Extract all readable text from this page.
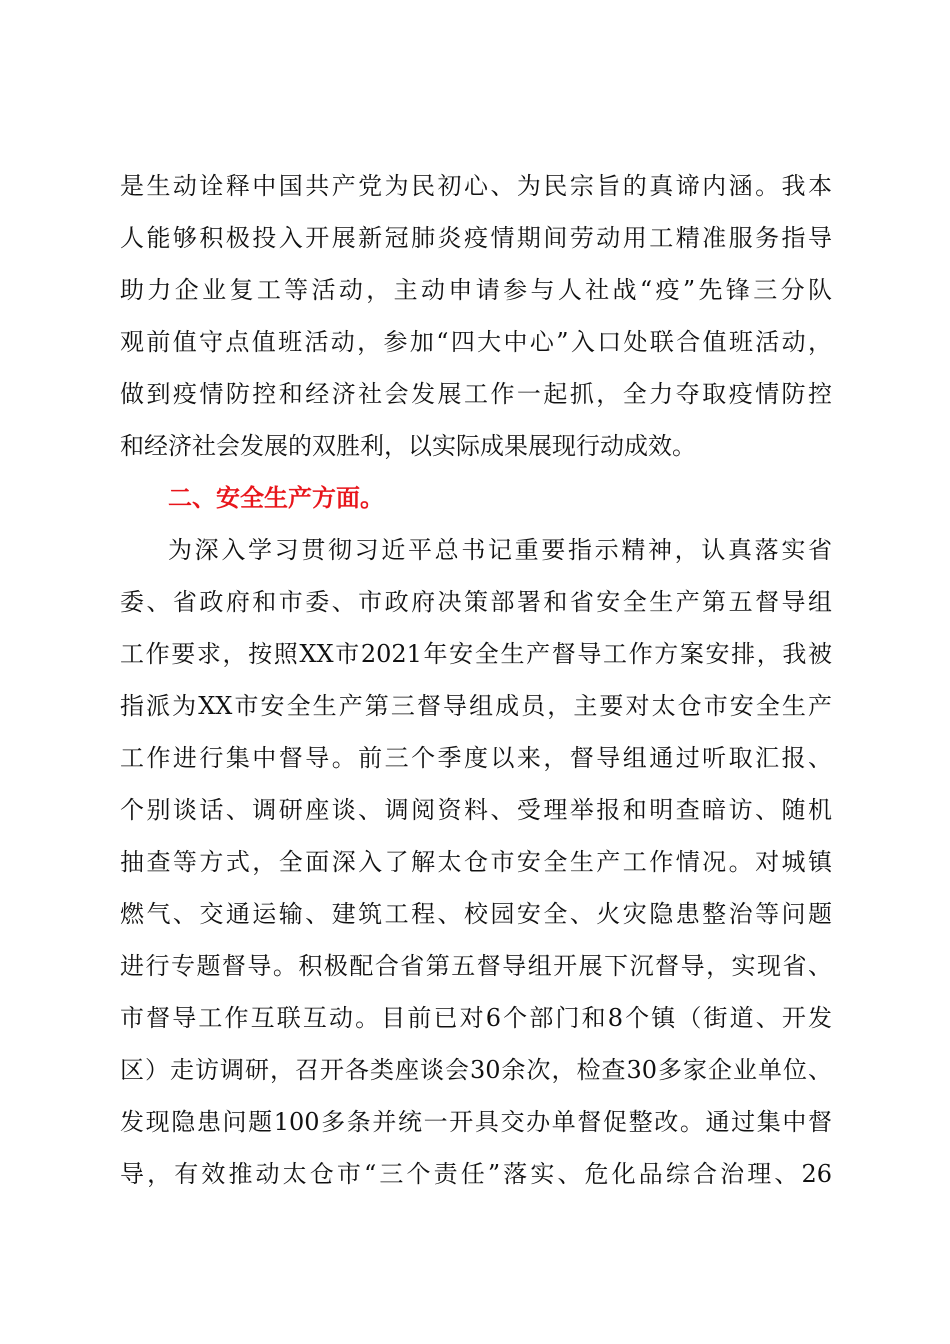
是生动诠释中国共产党为民初心、为民宗旨的真谛内涵。我本
人能够积极投入开展新冠肺炎疫情期间劳动用工精准服务指导
助力企业复工等活动，主动申请参与人社战“疫”先锋三分队
观前值守点值班活动，参加“四大中心”入口处联合值班活动，
做到疫情防控和经济社会发展工作一起抓，全力夺取疫情防控
和经济社会发展的双胜利，以实际成果展现行动成效。
二、安全生产方面。
为深入学习贯彻习近平总书记重要指示精神，认真落实省
委、省政府和市委、市政府决策部署和省安全生产第五督导组
工作要求，按照XX市2021年安全生产督导工作方案安排，我被
指派为XX市安全生产第三督导组成员，主要对太仓市安全生产
工作进行集中督导。前三个季度以来，督导组通过听取汇报、
个别谈话、调研座谈、调阅资料、受理举报和明查暗访、随机
抽查等方式，全面深入了解太仓市安全生产工作情况。对城镇
燃气、交通运输、建筑工程、校园安全、火灾隐患整治等问题
进行专题督导。积极配合省第五督导组开展下沉督导，实现省、
市督导工作互联互动。目前已对6个部门和8个镇（街道、开发
区）走访调研，召开各类座谈会30余次，检查30多家企业单位、
发现隐患问题100多条并统一开具交办单督促整改。通过集中督
导，有效推动太仓市“三个责任”落实、危化品综合治理、26
